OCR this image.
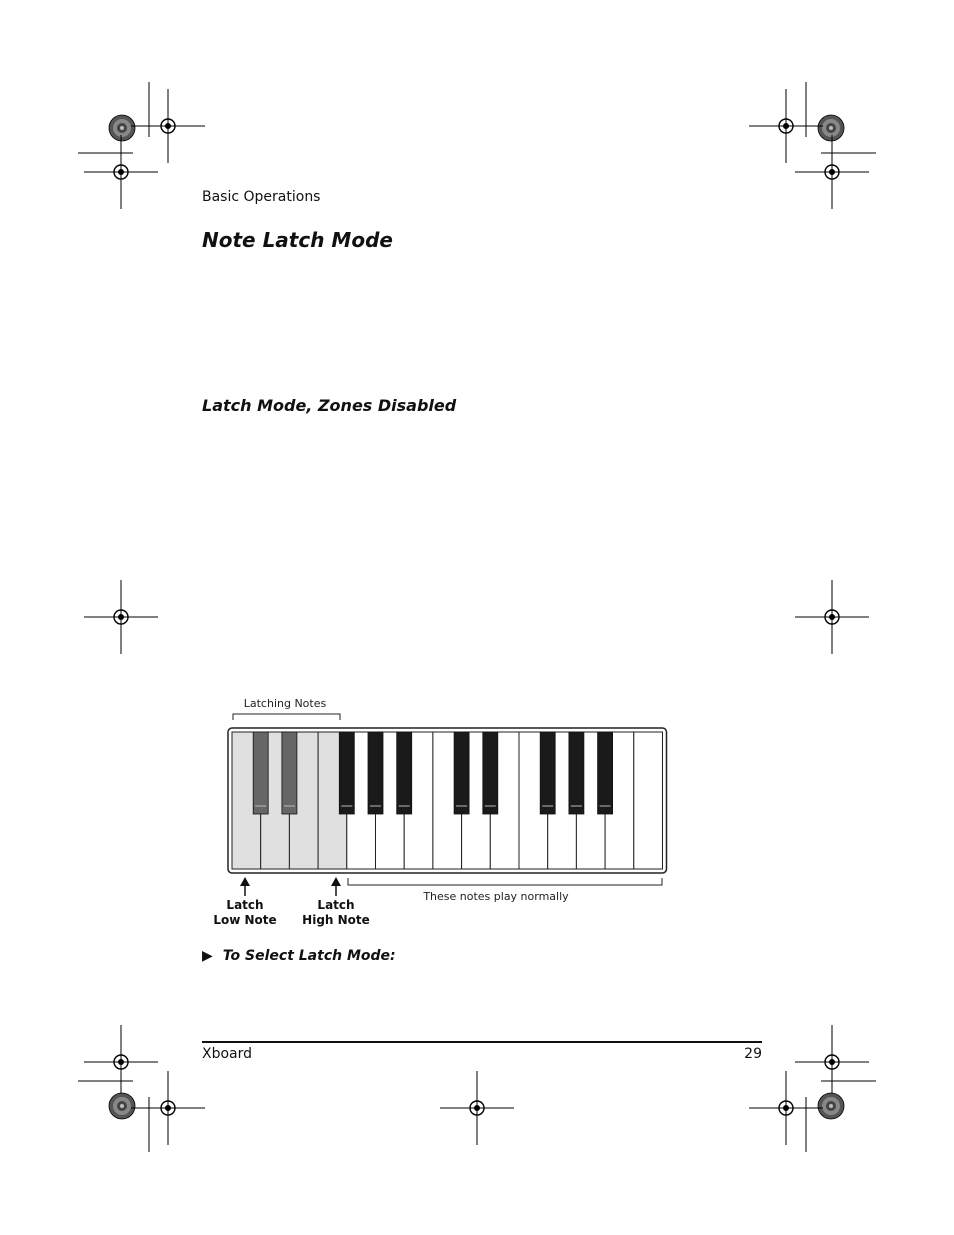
Basic Operations
Note Latch Mode
Latch Mode, Zones Disabled
Latching Notes
Latch
Low Note
Latch
High Note
These notes play normally
▶ To Select Latch Mode:
Xboard	29
